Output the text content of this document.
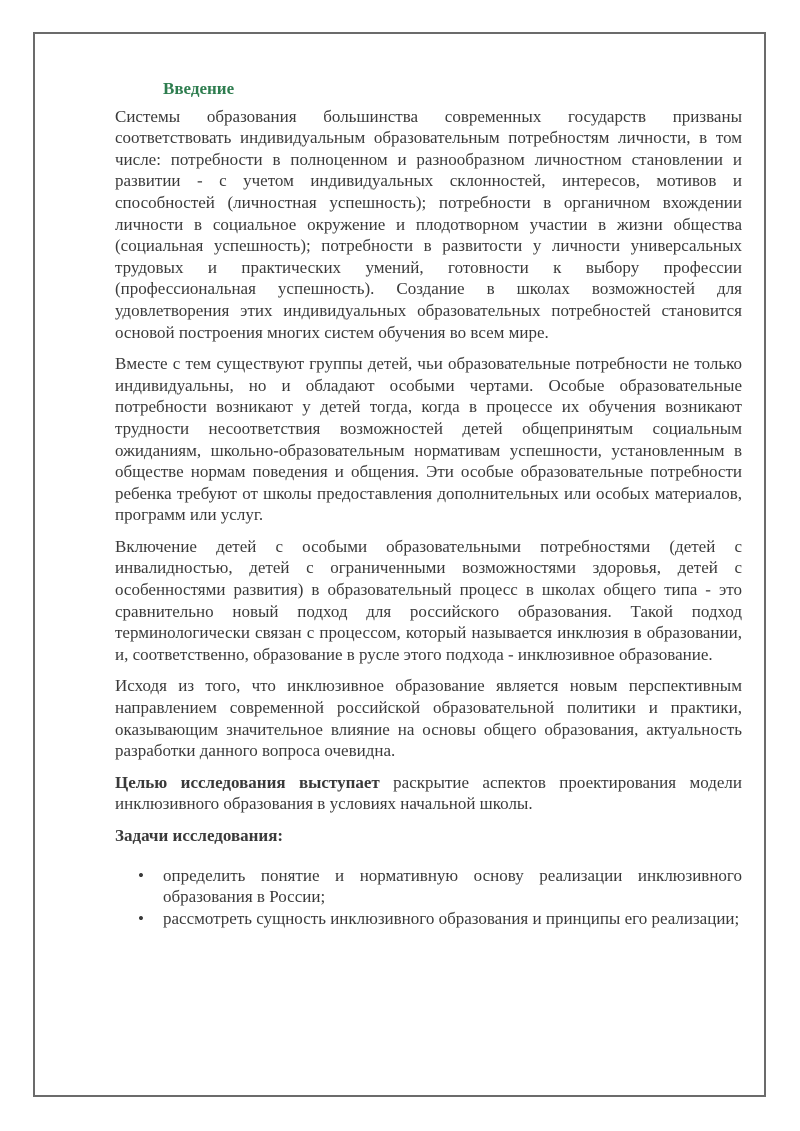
Введение

Системы образования большинства современных государств призваны соответствовать индивидуальным образовательным потребностям личности, в том числе: потребности в полноценном и разнообразном личностном становлении и развитии - с учетом индивидуальных склонностей, интересов, мотивов и способностей (личностная успешность); потребности в органичном вхождении личности в социальное окружение и плодотворном участии в жизни общества (социальная успешность); потребности в развитости у личности универсальных трудовых и практических умений, готовности к выбору профессии (профессиональная успешность). Создание в школах возможностей для удовлетворения этих индивидуальных образовательных потребностей становится основой построения многих систем обучения во всем мире.

Вместе с тем существуют группы детей, чьи образовательные потребности не только индивидуальны, но и обладают особыми чертами. Особые образовательные потребности возникают у детей тогда, когда в процессе их обучения возникают трудности несоответствия возможностей детей общепринятым социальным ожиданиям, школьно-образовательным нормативам успешности, установленным в обществе нормам поведения и общения. Эти особые образовательные потребности ребенка требуют от школы предоставления дополнительных или особых материалов, программ или услуг.

Включение детей с особыми образовательными потребностями (детей с инвалидностью, детей с ограниченными возможностями здоровья, детей с особенностями развития) в образовательный процесс в школах общего типа - это сравнительно новый подход для российского образования. Такой подход терминологически связан с процессом, который называется инклюзия в образовании, и, соответственно, образование в русле этого подхода - инклюзивное образование.

Исходя из того, что инклюзивное образование является новым перспективным направлением современной российской образовательной политики и практики, оказывающим значительное влияние на основы общего образования, актуальность разработки данного вопроса очевидна.

Целью исследования выступает раскрытие аспектов проектирования модели инклюзивного образования в условиях начальной школы.

Задачи исследования:

• определить понятие и нормативную основу реализации инклюзивного образования в России;
• рассмотреть сущность инклюзивного образования и принципы его реализации;
